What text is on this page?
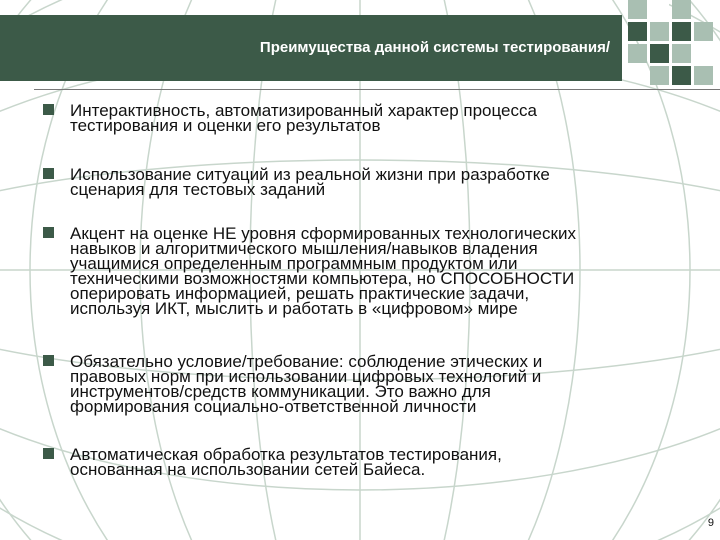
Преимущества данной системы тестирования/
Интерактивность, автоматизированный характер процесса
тестирования и оценки его результатов
Использование ситуаций из реальной жизни при разработке
сценария для тестовых заданий
Акцент на оценке НЕ уровня сформированных технологических
навыков и алгоритмического мышления/навыков владения
учащимися определенным программным продуктом или
техническими возможностями компьютера, но СПОСОБНОСТИ
оперировать информацией, решать практические задачи,
используя ИКТ, мыслить и работать в «цифровом» мире
Обязательно условие/требование: соблюдение этических и
правовых норм при использовании цифровых технологий и
инструментов/средств коммуникации. Это важно для
формирования социально-ответственной личности
Автоматическая обработка результатов тестирования,
основанная на использовании сетей Байеса.
9
